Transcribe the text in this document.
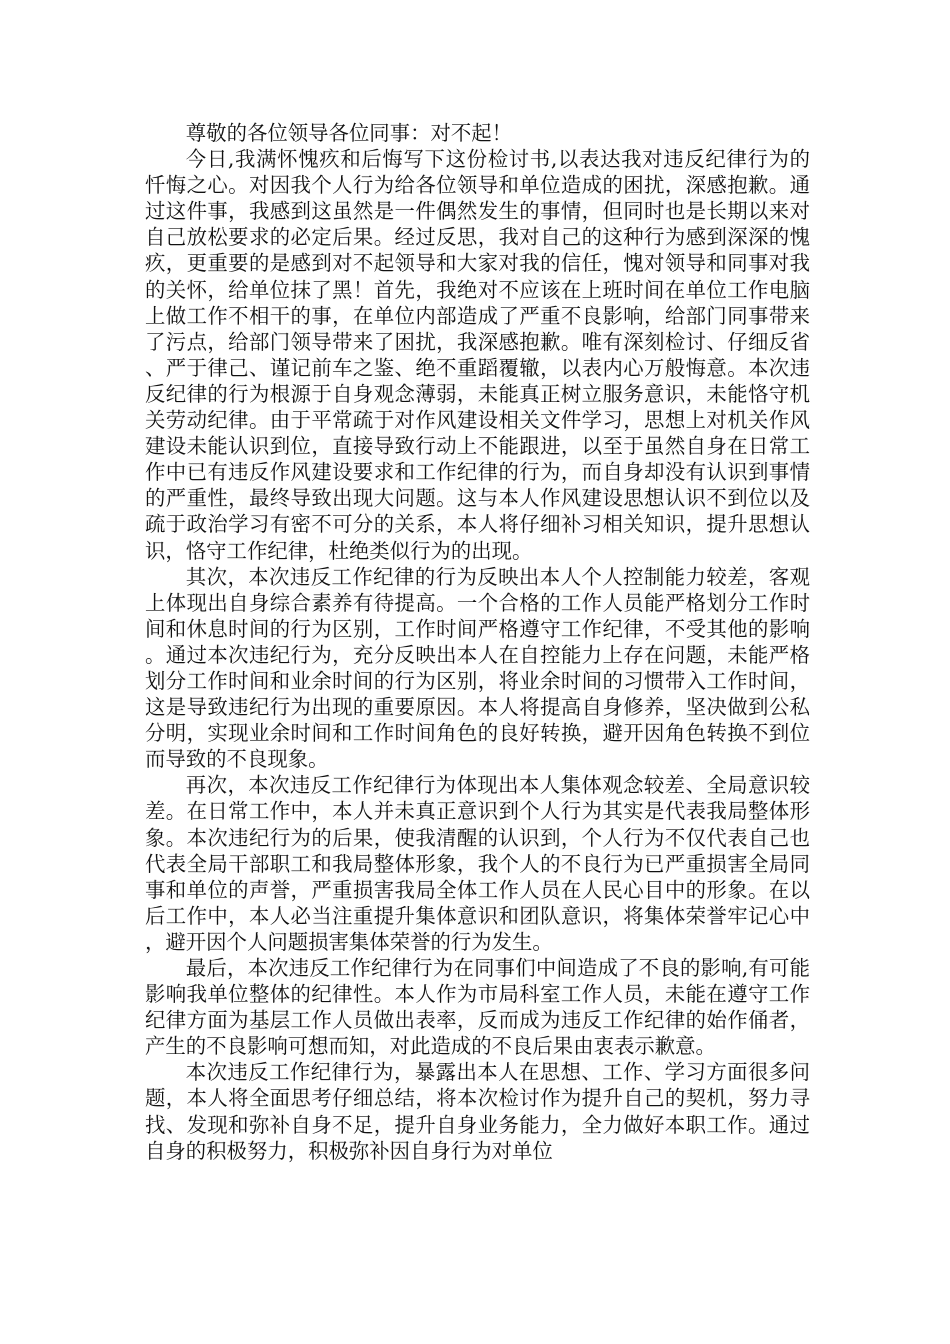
尊敬的各位领导各位同事：对不起！

今日,我满怀愧疚和后悔写下这份检讨书,以表达我对违反纪律行为的忏悔之心。对因我个人行为给各位领导和单位造成的困扰，深感抱歉。通过这件事，我感到这虽然是一件偶然发生的事情，但同时也是长期以来对自己放松要求的必定后果。经过反思，我对自己的这种行为感到深深的愧疚，更重要的是感到对不起领导和大家对我的信任，愧对领导和同事对我的关怀，给单位抹了黑！首先，我绝对不应该在上班时间在单位工作电脑上做工作不相干的事，在单位内部造成了严重不良影响，给部门同事带来了污点，给部门领导带来了困扰，我深感抱歉。唯有深刻检讨、仔细反省、严于律己、谨记前车之鉴、绝不重蹈覆辙，以表内心万般悔意。本次违反纪律的行为根源于自身观念薄弱，未能真正树立服务意识，未能恪守机关劳动纪律。由于平常疏于对作风建设相关文件学习，思想上对机关作风建设未能认识到位，直接导致行动上不能跟进，以至于虽然自身在日常工作中已有违反作风建设要求和工作纪律的行为，而自身却没有认识到事情的严重性，最终导致出现大问题。这与本人作风建设思想认识不到位以及疏于政治学习有密不可分的关系，本人将仔细补习相关知识，提升思想认识，恪守工作纪律，杜绝类似行为的出现。

其次，本次违反工作纪律的行为反映出本人个人控制能力较差，客观上体现出自身综合素养有待提高。一个合格的工作人员能严格划分工作时间和休息时间的行为区别，工作时间严格遵守工作纪律，不受其他的影响。通过本次违纪行为，充分反映出本人在自控能力上存在问题，未能严格划分工作时间和业余时间的行为区别，将业余时间的习惯带入工作时间，这是导致违纪行为出现的重要原因。本人将提高自身修养，坚决做到公私分明，实现业余时间和工作时间角色的良好转换，避开因角色转换不到位而导致的不良现象。

再次，本次违反工作纪律行为体现出本人集体观念较差、全局意识较差。在日常工作中，本人并未真正意识到个人行为其实是代表我局整体形象。本次违纪行为的后果，使我清醒的认识到，个人行为不仅代表自己也代表全局干部职工和我局整体形象，我个人的不良行为已严重损害全局同事和单位的声誉，严重损害我局全体工作人员在人民心目中的形象。在以后工作中，本人必当注重提升集体意识和团队意识，将集体荣誉牢记心中，避开因个人问题损害集体荣誉的行为发生。

最后，本次违反工作纪律行为在同事们中间造成了不良的影响,有可能影响我单位整体的纪律性。本人作为市局科室工作人员，未能在遵守工作纪律方面为基层工作人员做出表率，反而成为违反工作纪律的始作俑者，产生的不良影响可想而知，对此造成的不良后果由衷表示歉意。

本次违反工作纪律行为，暴露出本人在思想、工作、学习方面很多问题，本人将全面思考仔细总结，将本次检讨作为提升自己的契机，努力寻找、发现和弥补自身不足，提升自身业务能力，全力做好本职工作。通过自身的积极努力，积极弥补因自身行为对单位
